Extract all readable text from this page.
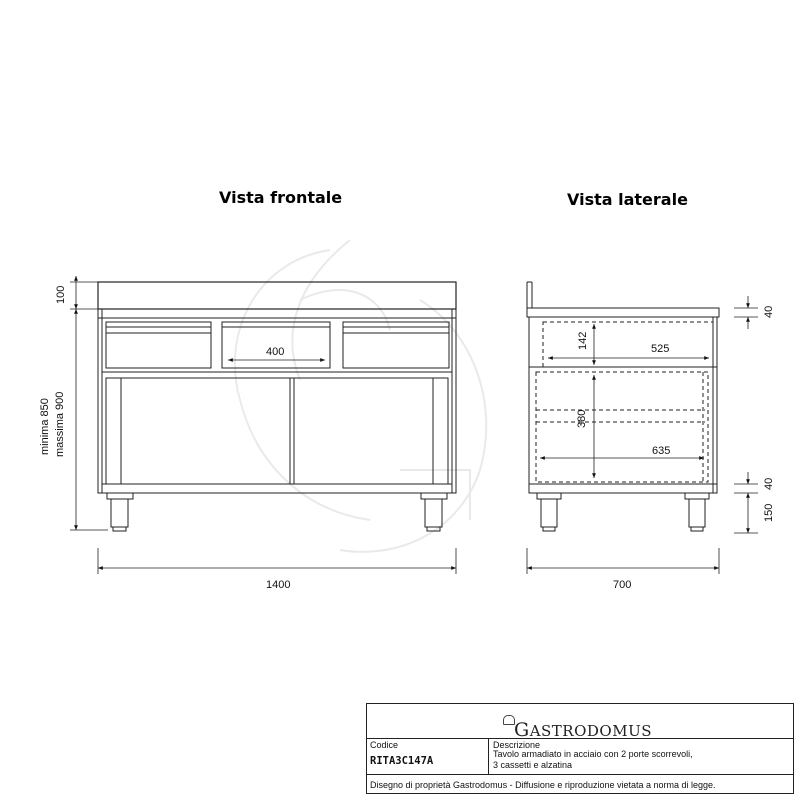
Vista frontale	Vista laterale
100
minima 850 massima 900
1400
400
40
142	525
380
635
40
150
700
GASTRODOMUS
Codice
RITA3C147A
Descrizione
Tavolo armadiato in acciaio con 2 porte scorrevoli,
3 cassetti e alzatina
Disegno di proprietà Gastrodomus - Diffusione e riproduzione vietata a norma di legge.
